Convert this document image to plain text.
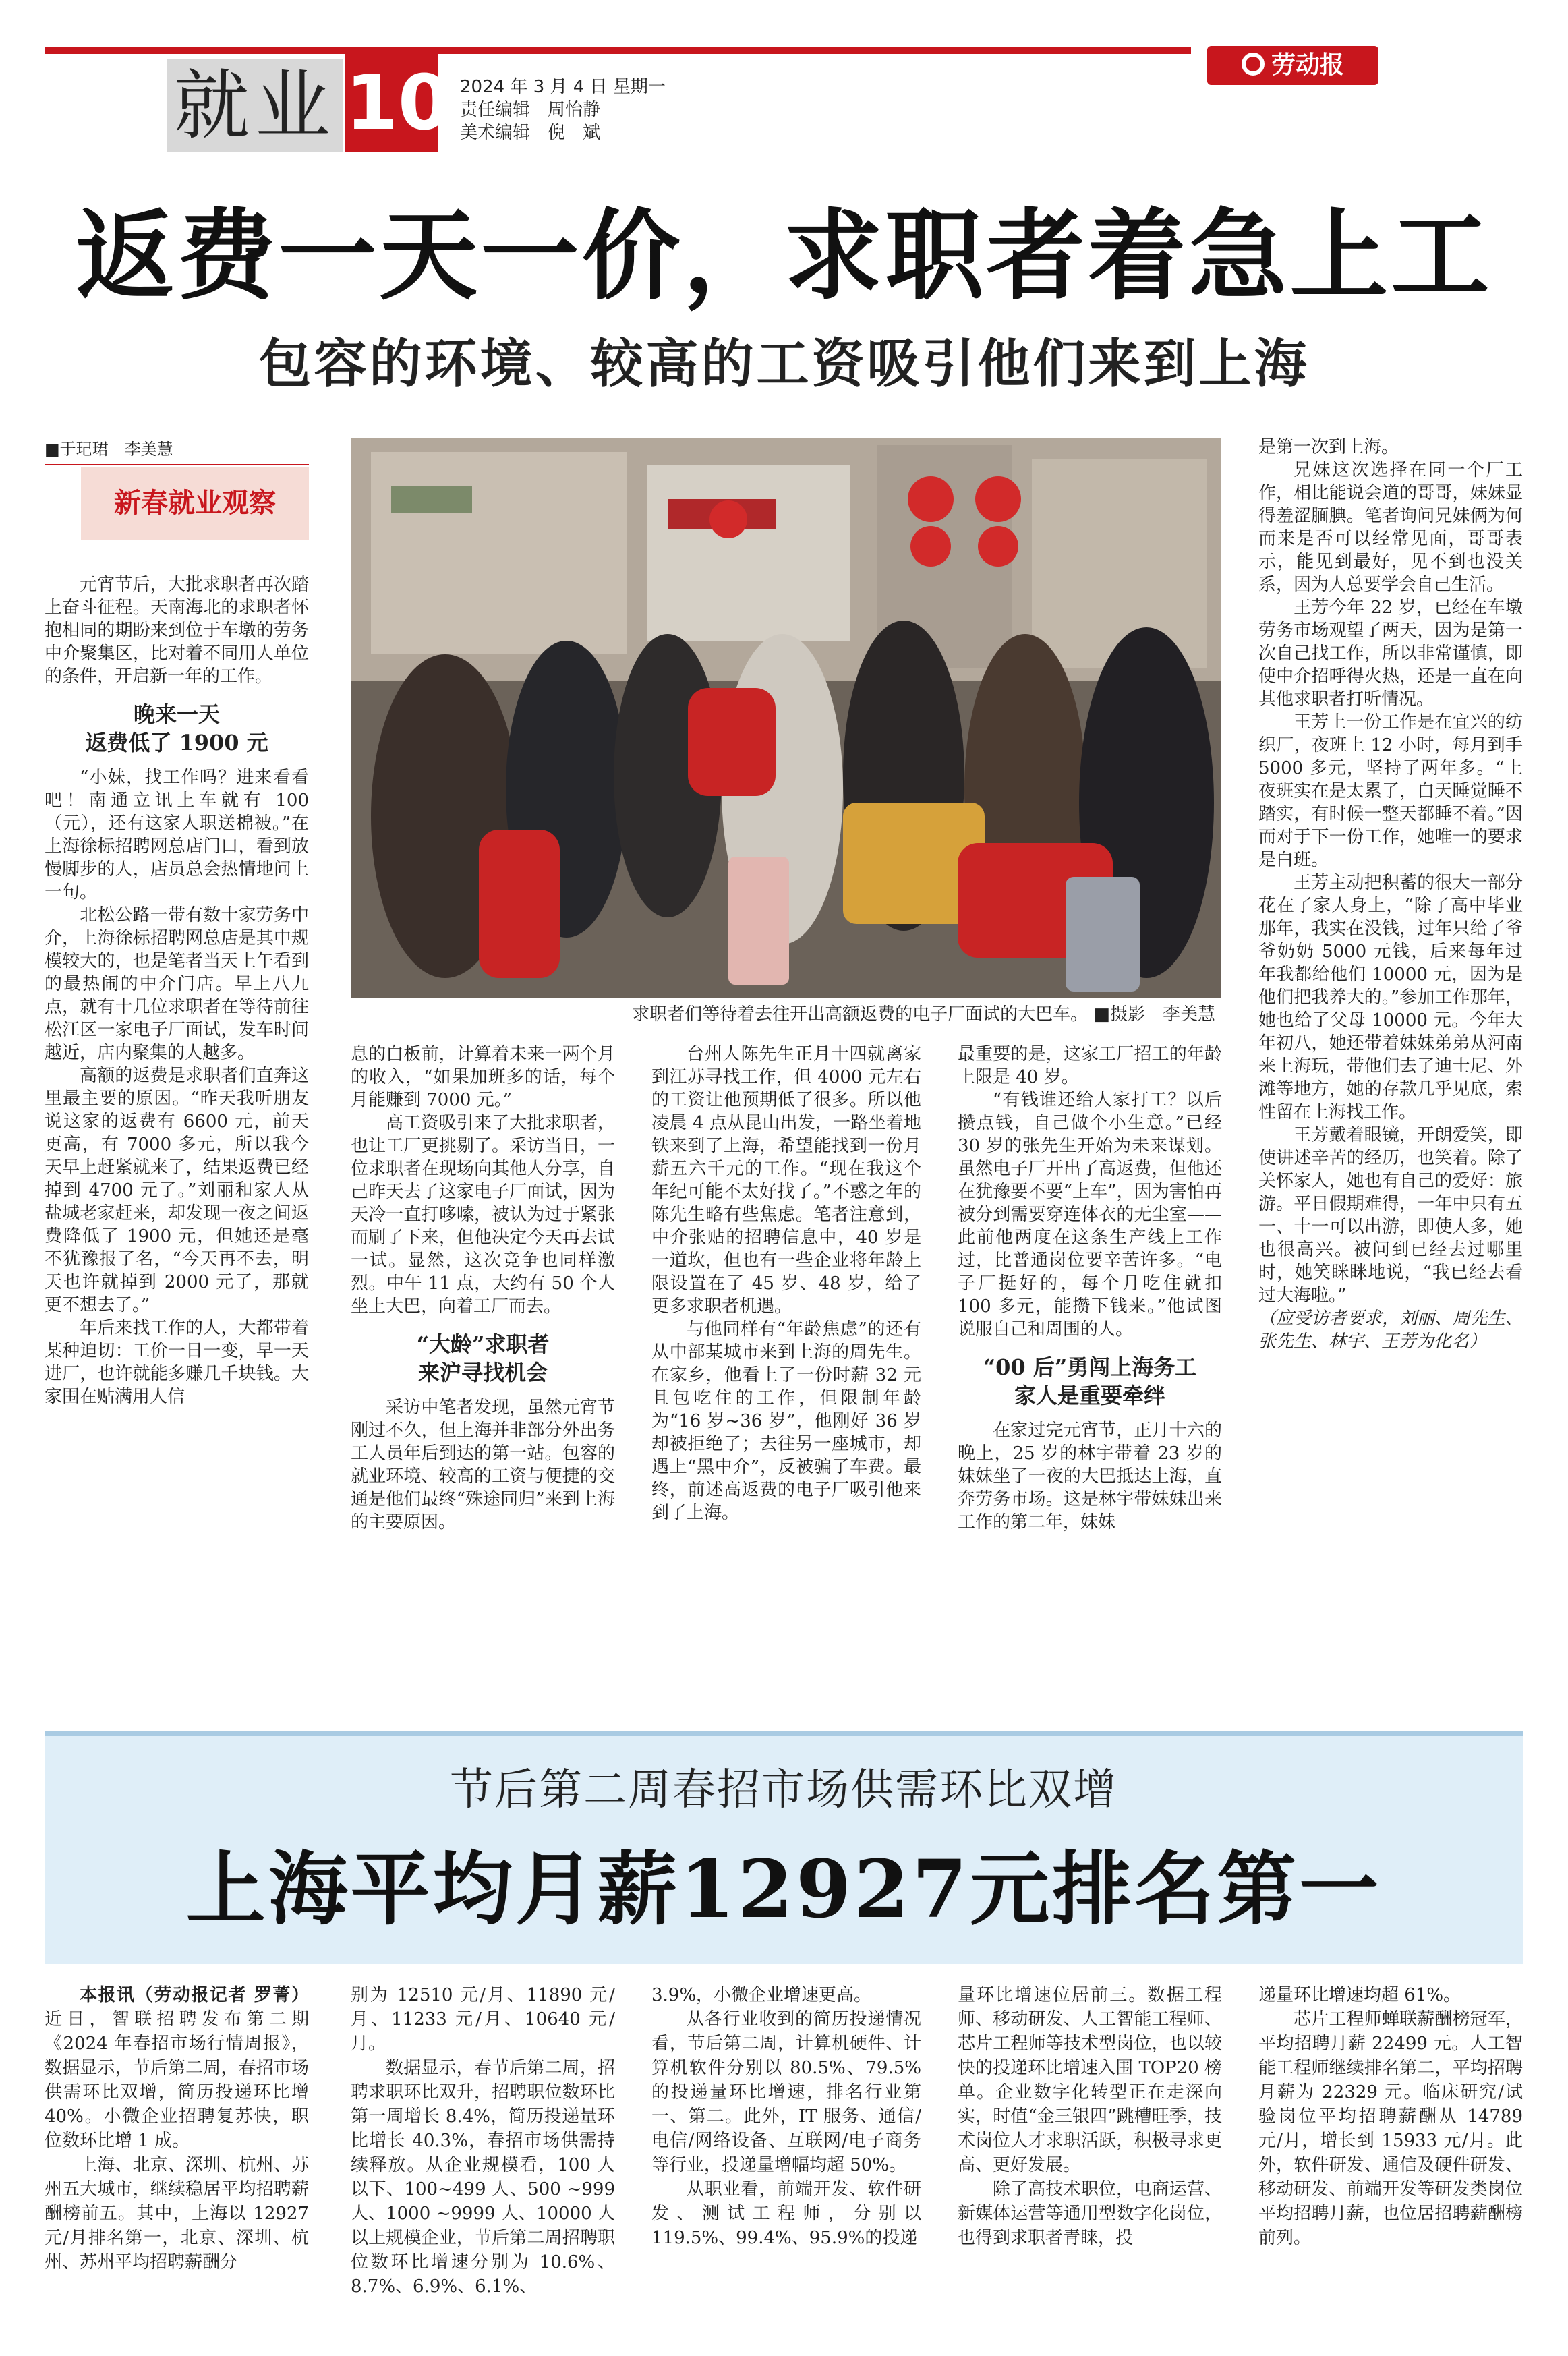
就业 10 2024 年 3 月 4 日 星期一
责任编辑　周怡静
美术编辑　倪　斌
劳动报
返费一天一价，求职者着急上工
包容的环境、较高的工资吸引他们来到上海
■于玘珺　李美慧
新春就业观察
求职者们等待着去往开出高额返费的电子厂面试的大巴车。 ■摄影　李美慧

元宵节后，大批求职者再次踏上奋斗征程。天南海北的求职者怀抱相同的期盼来到位于车墩的劳务中介聚集区，比对着不同用人单位的条件，开启新一年的工作。

晚来一天
返费低了 1900 元

“小妹，找工作吗？进来看看吧！南通立讯上车就有 100（元），还有这家人职送棉被。”在上海徐标招聘网总店门口，看到放慢脚步的人，店员总会热情地问上一句。

北松公路一带有数十家劳务中介，上海徐标招聘网总店是其中规模较大的，也是笔者当天上午看到的最热闹的中介门店。早上八九点，就有十几位求职者在等待前往松江区一家电子厂面试，发车时间越近，店内聚集的人越多。

高额的返费是求职者们直奔这里最主要的原因。“昨天我听朋友说这家的返费有 6600 元，前天更高，有 7000 多元，所以我今天早上赶紧就来了，结果返费已经掉到 4700 元了。”刘丽和家人从盐城老家赶来，却发现一夜之间返费降低了 1900 元，但她还是毫不犹豫报了名，“今天再不去，明天也许就掉到 2000 元了，那就更不想去了。”

年后来找工作的人，大都带着某种迫切：工价一日一变，早一天进厂，也许就能多赚几千块钱。大家围在贴满用人信

息的白板前，计算着未来一两个月的收入，“如果加班多的话，每个月能赚到 7000 元。”

高工资吸引来了大批求职者，也让工厂更挑剔了。采访当日，一位求职者在现场向其他人分享，自己昨天去了这家电子厂面试，因为天冷一直打哆嗦，被认为过于紧张而刷了下来，但他决定今天再去试一试。显然，这次竞争也同样激烈。中午 11 点，大约有 50 个人坐上大巴，向着工厂而去。

“大龄”求职者
来沪寻找机会

采访中笔者发现，虽然元宵节刚过不久，但上海并非部分外出务工人员年后到达的第一站。包容的就业环境、较高的工资与便捷的交通是他们最终“殊途同归”来到上海的主要原因。

台州人陈先生正月十四就离家到江苏寻找工作，但 4000 元左右的工资让他预期低了很多。所以他凌晨 4 点从昆山出发，一路坐着地铁来到了上海，希望能找到一份月薪五六千元的工作。“现在我这个年纪可能不太好找了。”不惑之年的陈先生略有些焦虑。笔者注意到，中介张贴的招聘信息中，40 岁是一道坎，但也有一些企业将年龄上限设置在了 45 岁、48 岁，给了更多求职者机遇。

与他同样有“年龄焦虑”的还有从中部某城市来到上海的周先生。在家乡，他看上了一份时薪 32 元且包吃住的工作，但限制年龄为“16 岁~36 岁”，他刚好 36 岁却被拒绝了；去往另一座城市，却遇上“黑中介”，反被骗了车费。最终，前述高返费的电子厂吸引他来到了上海。

最重要的是，这家工厂招工的年龄上限是 40 岁。

“有钱谁还给人家打工？以后攒点钱，自己做个小生意。”已经 30 岁的张先生开始为未来谋划。虽然电子厂开出了高返费，但他还在犹豫要不要“上车”，因为害怕再被分到需要穿连体衣的无尘室——此前他两度在这条生产线上工作过，比普通岗位要辛苦许多。“电子厂挺好的，每个月吃住就扣 100 多元，能攒下钱来。”他试图说服自己和周围的人。

“00 后”勇闯上海务工
家人是重要牵绊

在家过完元宵节，正月十六的晚上，25 岁的林宇带着 23 岁的妹妹坐了一夜的大巴抵达上海，直奔劳务市场。这是林宇带妹妹出来工作的第二年，妹妹

是第一次到上海。

兄妹这次选择在同一个厂工作，相比能说会道的哥哥，妹妹显得羞涩腼腆。笔者询问兄妹俩为何而来是否可以经常见面，哥哥表示，能见到最好，见不到也没关系，因为人总要学会自己生活。

王芳今年 22 岁，已经在车墩劳务市场观望了两天，因为是第一次自己找工作，所以非常谨慎，即使中介招呼得火热，还是一直在向其他求职者打听情况。

王芳上一份工作是在宜兴的纺织厂，夜班上 12 小时，每月到手 5000 多元，坚持了两年多。“上夜班实在是太累了，白天睡觉睡不踏实，有时候一整天都睡不着。”因而对于下一份工作，她唯一的要求是白班。

王芳主动把积蓄的很大一部分花在了家人身上，“除了高中毕业那年，我实在没钱，过年只给了爷爷奶奶 5000 元钱，后来每年过年我都给他们 10000 元，因为是他们把我养大的。”参加工作那年，她也给了父母 10000 元。今年大年初八，她还带着妹妹弟弟从河南来上海玩，带他们去了迪士尼、外滩等地方，她的存款几乎见底，索性留在上海找工作。

王芳戴着眼镜，开朗爱笑，即使讲述辛苦的经历，也笑着。除了关怀家人，她也有自己的爱好：旅游。平日假期难得，一年中只有五一、十一可以出游，即使人多，她也很高兴。被问到已经去过哪里时，她笑眯眯地说，“我已经去看过大海啦。”

（应受访者要求，刘丽、周先生、张先生、林宇、王芳为化名）

节后第二周春招市场供需环比双增
上海平均月薪12927元排名第一

本报讯（劳动报记者 罗菁）近日，智联招聘发布第二期《2024 年春招市场行情周报》，数据显示，节后第二周，春招市场供需环比双增，简历投递环比增 40%。小微企业招聘复苏快，职位数环比增 1 成。

上海、北京、深圳、杭州、苏州五大城市，继续稳居平均招聘薪酬榜前五。其中，上海以 12927 元/月排名第一，北京、深圳、杭州、苏州平均招聘薪酬分

别为 12510 元/月、11890 元/月、11233 元/月、10640 元/月。

数据显示，春节后第二周，招聘求职环比双升，招聘职位数环比第一周增长 8.4%，简历投递量环比增长 40.3%，春招市场供需持续释放。从企业规模看，100 人以下、100~499 人、500 ~999 人、1000 ~9999 人、10000 人以上规模企业，节后第二周招聘职位数环比增速分别为 10.6%、8.7%、6.9%、6.1%、

3.9%，小微企业增速更高。

从各行业收到的简历投递情况看，节后第二周，计算机硬件、计算机软件分别以 80.5%、79.5%的投递量环比增速，排名行业第一、第二。此外，IT 服务、通信/电信/网络设备、互联网/电子商务等行业，投递量增幅均超 50%。

从职业看，前端开发、软件研发、测试工程师，分别以 119.5%、99.4%、95.9%的投递

量环比增速位居前三。数据工程师、移动研发、人工智能工程师、芯片工程师等技术型岗位，也以较快的投递环比增速入围 TOP20 榜单。企业数字化转型正在走深向实，时值“金三银四”跳槽旺季，技术岗位人才求职活跃，积极寻求更高、更好发展。

除了高技术职位，电商运营、新媒体运营等通用型数字化岗位，也得到求职者青睐，投

递量环比增速均超 61%。

芯片工程师蝉联薪酬榜冠军，平均招聘月薪 22499 元。人工智能工程师继续排名第二，平均招聘月薪为 22329 元。临床研究/试验岗位平均招聘薪酬从 14789 元/月，增长到 15933 元/月。此外，软件研发、通信及硬件研发、移动研发、前端开发等研发类岗位平均招聘月薪，也位居招聘薪酬榜前列。
